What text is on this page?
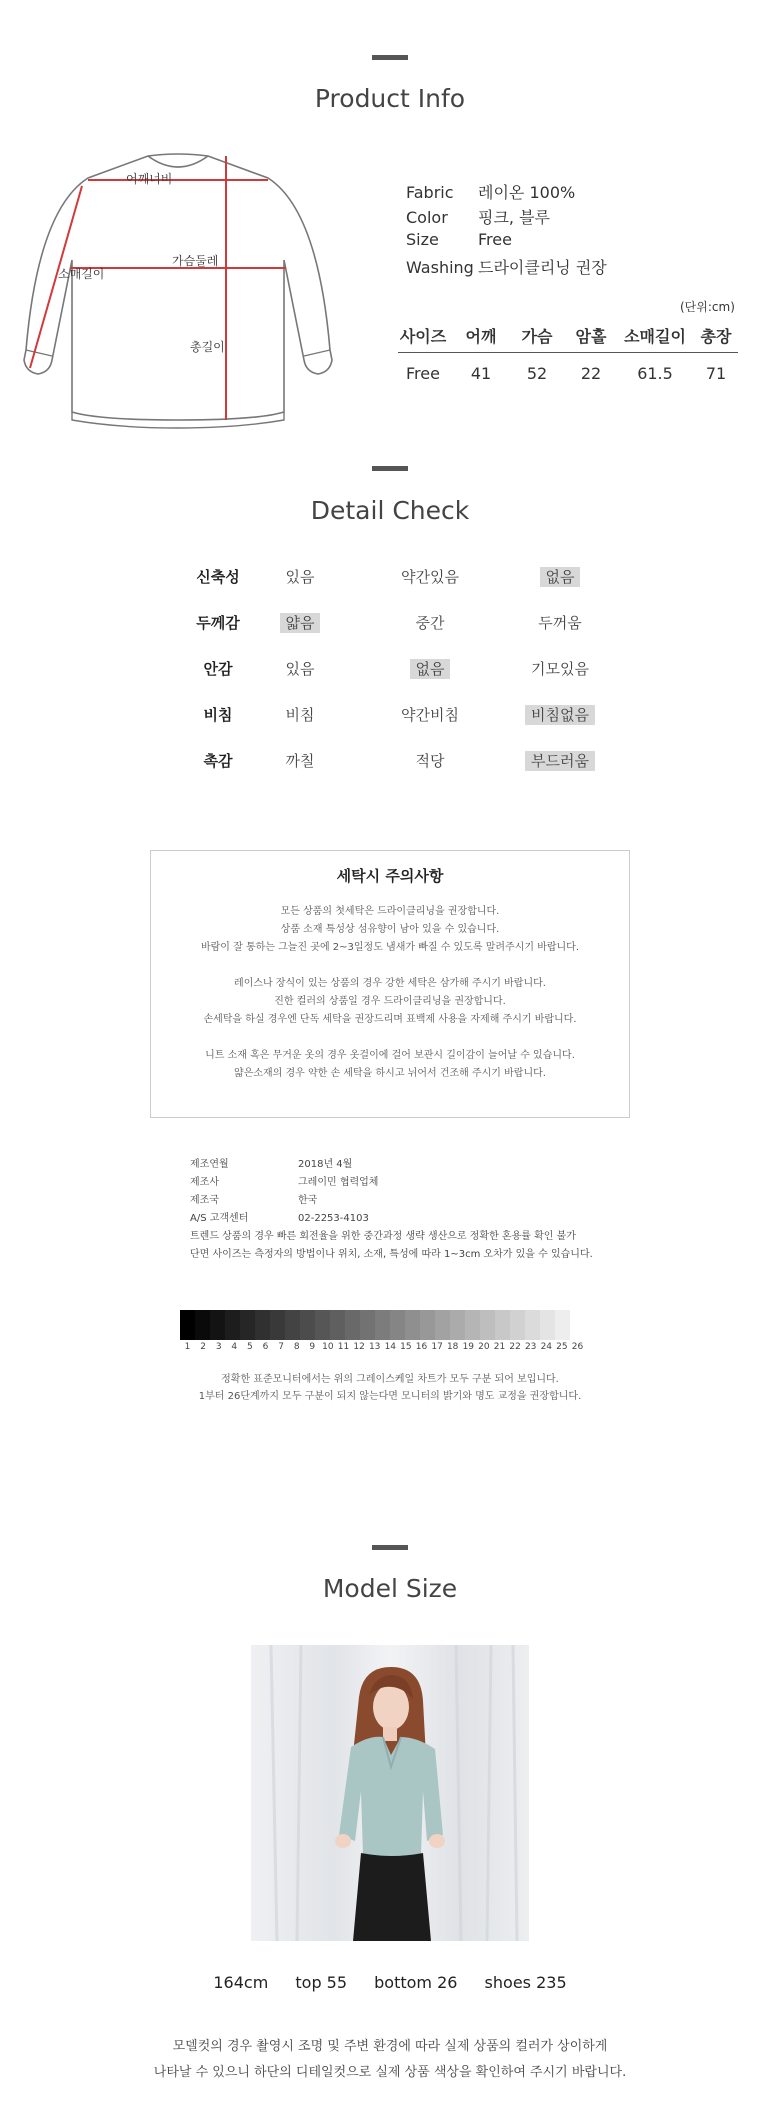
Product Info
어깨너비
가슴둘레
소매길이
총길이
Fabric 레이온 100%
Color 핑크, 블루
Size Free
Washing 드라이클리닝 권장
(단위:cm)
사이즈	어깨	가슴	암홀	소매길이 총장
Free	41	52	22	61.5	71
Detail Check
신축성	있음	약간있음	없음
두께감	얇음	중간	두꺼움
안감	있음	없음	기모있음
비침	비침	약간비침	비침없음
촉감	까칠	적당	부드러움
세탁시 주의사항

모든 상품의 첫세탁은 드라이클리닝을 권장합니다.

상품 소재 특성상 섬유향이 남아 있을 수 있습니다.

바람이 잘 통하는 그늘진 곳에 2~3일정도 냄새가 빠질 수 있도록 말려주시기 바랍니다.

레이스나 장식이 있는 상품의 경우 강한 세탁은 삼가해 주시기 바랍니다.

진한 컬러의 상품일 경우 드라이클리닝을 권장합니다.

손세탁을 하실 경우엔 단독 세탁을 권장드리며 표백제 사용을 자제해 주시기 바랍니다.

니트 소재 혹은 무거운 옷의 경우 옷걸이에 걸어 보관시 길이감이 늘어날 수 있습니다.

얇은소재의 경우 약한 손 세탁을 하시고 뉘어서 건조해 주시기 바랍니다.

제조연월	2018년 4월
제조사	그레이민 협력업체
제조국	한국
A/S 고객센터	02-2253-4103
트렌드 상품의 경우 빠른 회전율을 위한 중간과정 생략 생산으로 정확한 혼용률 확인 불가
단면 사이즈는 측정자의 방법이나 위치, 소재, 특성에 따라 1~3cm 오차가 있을 수 있습니다.
1	2	3	4	5	6	7	8	9 10 11 12 13 14 15 16 17 18 19 20 21 22 23 24 25 26
정확한 표준모니터에서는 위의 그레이스케일 차트가 모두 구분 되어 보입니다.
1부터 26단계까지 모두 구분이 되지 않는다면 모니터의 밝기와 명도 교정을 권장합니다.
Model Size
164cm top 55 bottom 26 shoes 235
모델컷의 경우 촬영시 조명 및 주변 환경에 따라 실제 상품의 컬러가 상이하게
나타날 수 있으니 하단의 디테일컷으로 실제 상품 색상을 확인하여 주시기 바랍니다.
